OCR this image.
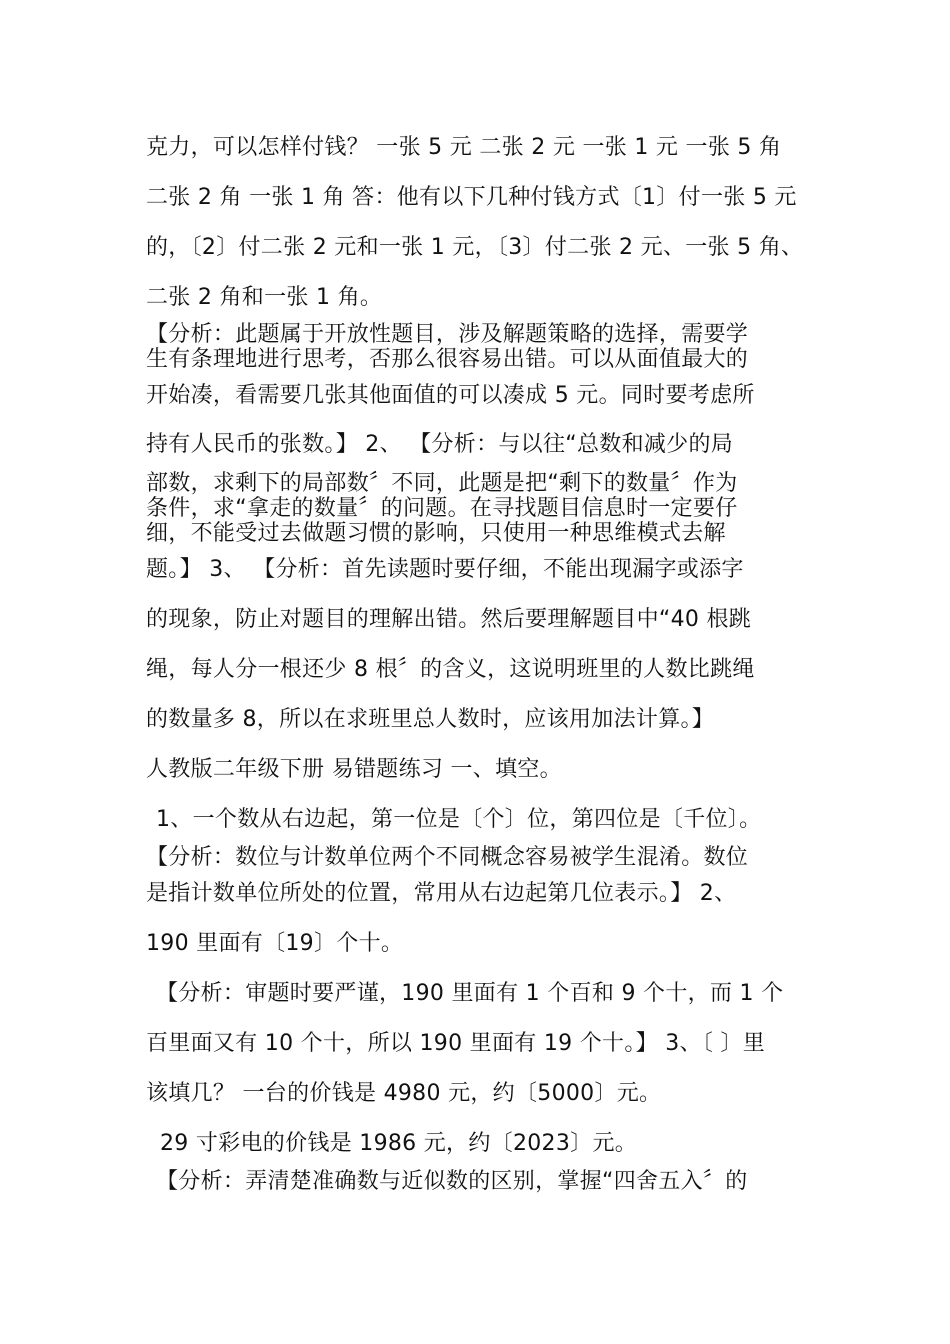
克力，可以怎样付钱？ 一张 5 元 二张 2 元 一张 1 元 一张 5 角
二张 2 角 一张 1 角 答：他有以下几种付钱方式〔1〕付一张 5 元
的，〔2〕付二张 2 元和一张 1 元，〔3〕付二张 2 元、一张 5 角、
二张 2 角和一张 1 角。
【分析：此题属于开放性题目，涉及解题策略的选择，需要学
生有条理地进行思考，否那么很容易出错。可以从面值最大的
开始凑，看需要几张其他面值的可以凑成 5 元。同时要考虑所
持有人民币的张数。】 2、 【分析：与以往“总数和减少的局
部数，求剩下的局部数〞不同，此题是把“剩下的数量〞作为
条件，求“拿走的数量〞的问题。在寻找题目信息时一定要仔
细，不能受过去做题习惯的影响，只使用一种思维模式去解
题。】 3、 【分析：首先读题时要仔细，不能出现漏字或添字
的现象，防止对题目的理解出错。然后要理解题目中“40 根跳
绳，每人分一根还少 8 根〞的含义，这说明班里的人数比跳绳
的数量多 8，所以在求班里总人数时，应该用加法计算。】
人教版二年级下册 易错题练习 一、填空。
1、一个数从右边起，第一位是〔个〕位，第四位是〔千位〕。
【分析：数位与计数单位两个不同概念容易被学生混淆。数位
是指计数单位所处的位置，常用从右边起第几位表示。】 2、
190 里面有〔19〕个十。
【分析：审题时要严谨，190 里面有 1 个百和 9 个十，而 1 个
百里面又有 10 个十，所以 190 里面有 19 个十。】 3、〔 〕里
该填几？ 一台的价钱是 4980 元，约〔5000〕元。
29 寸彩电的价钱是 1986 元，约〔2023〕元。
【分析：弄清楚准确数与近似数的区别，掌握“四舍五入〞的
